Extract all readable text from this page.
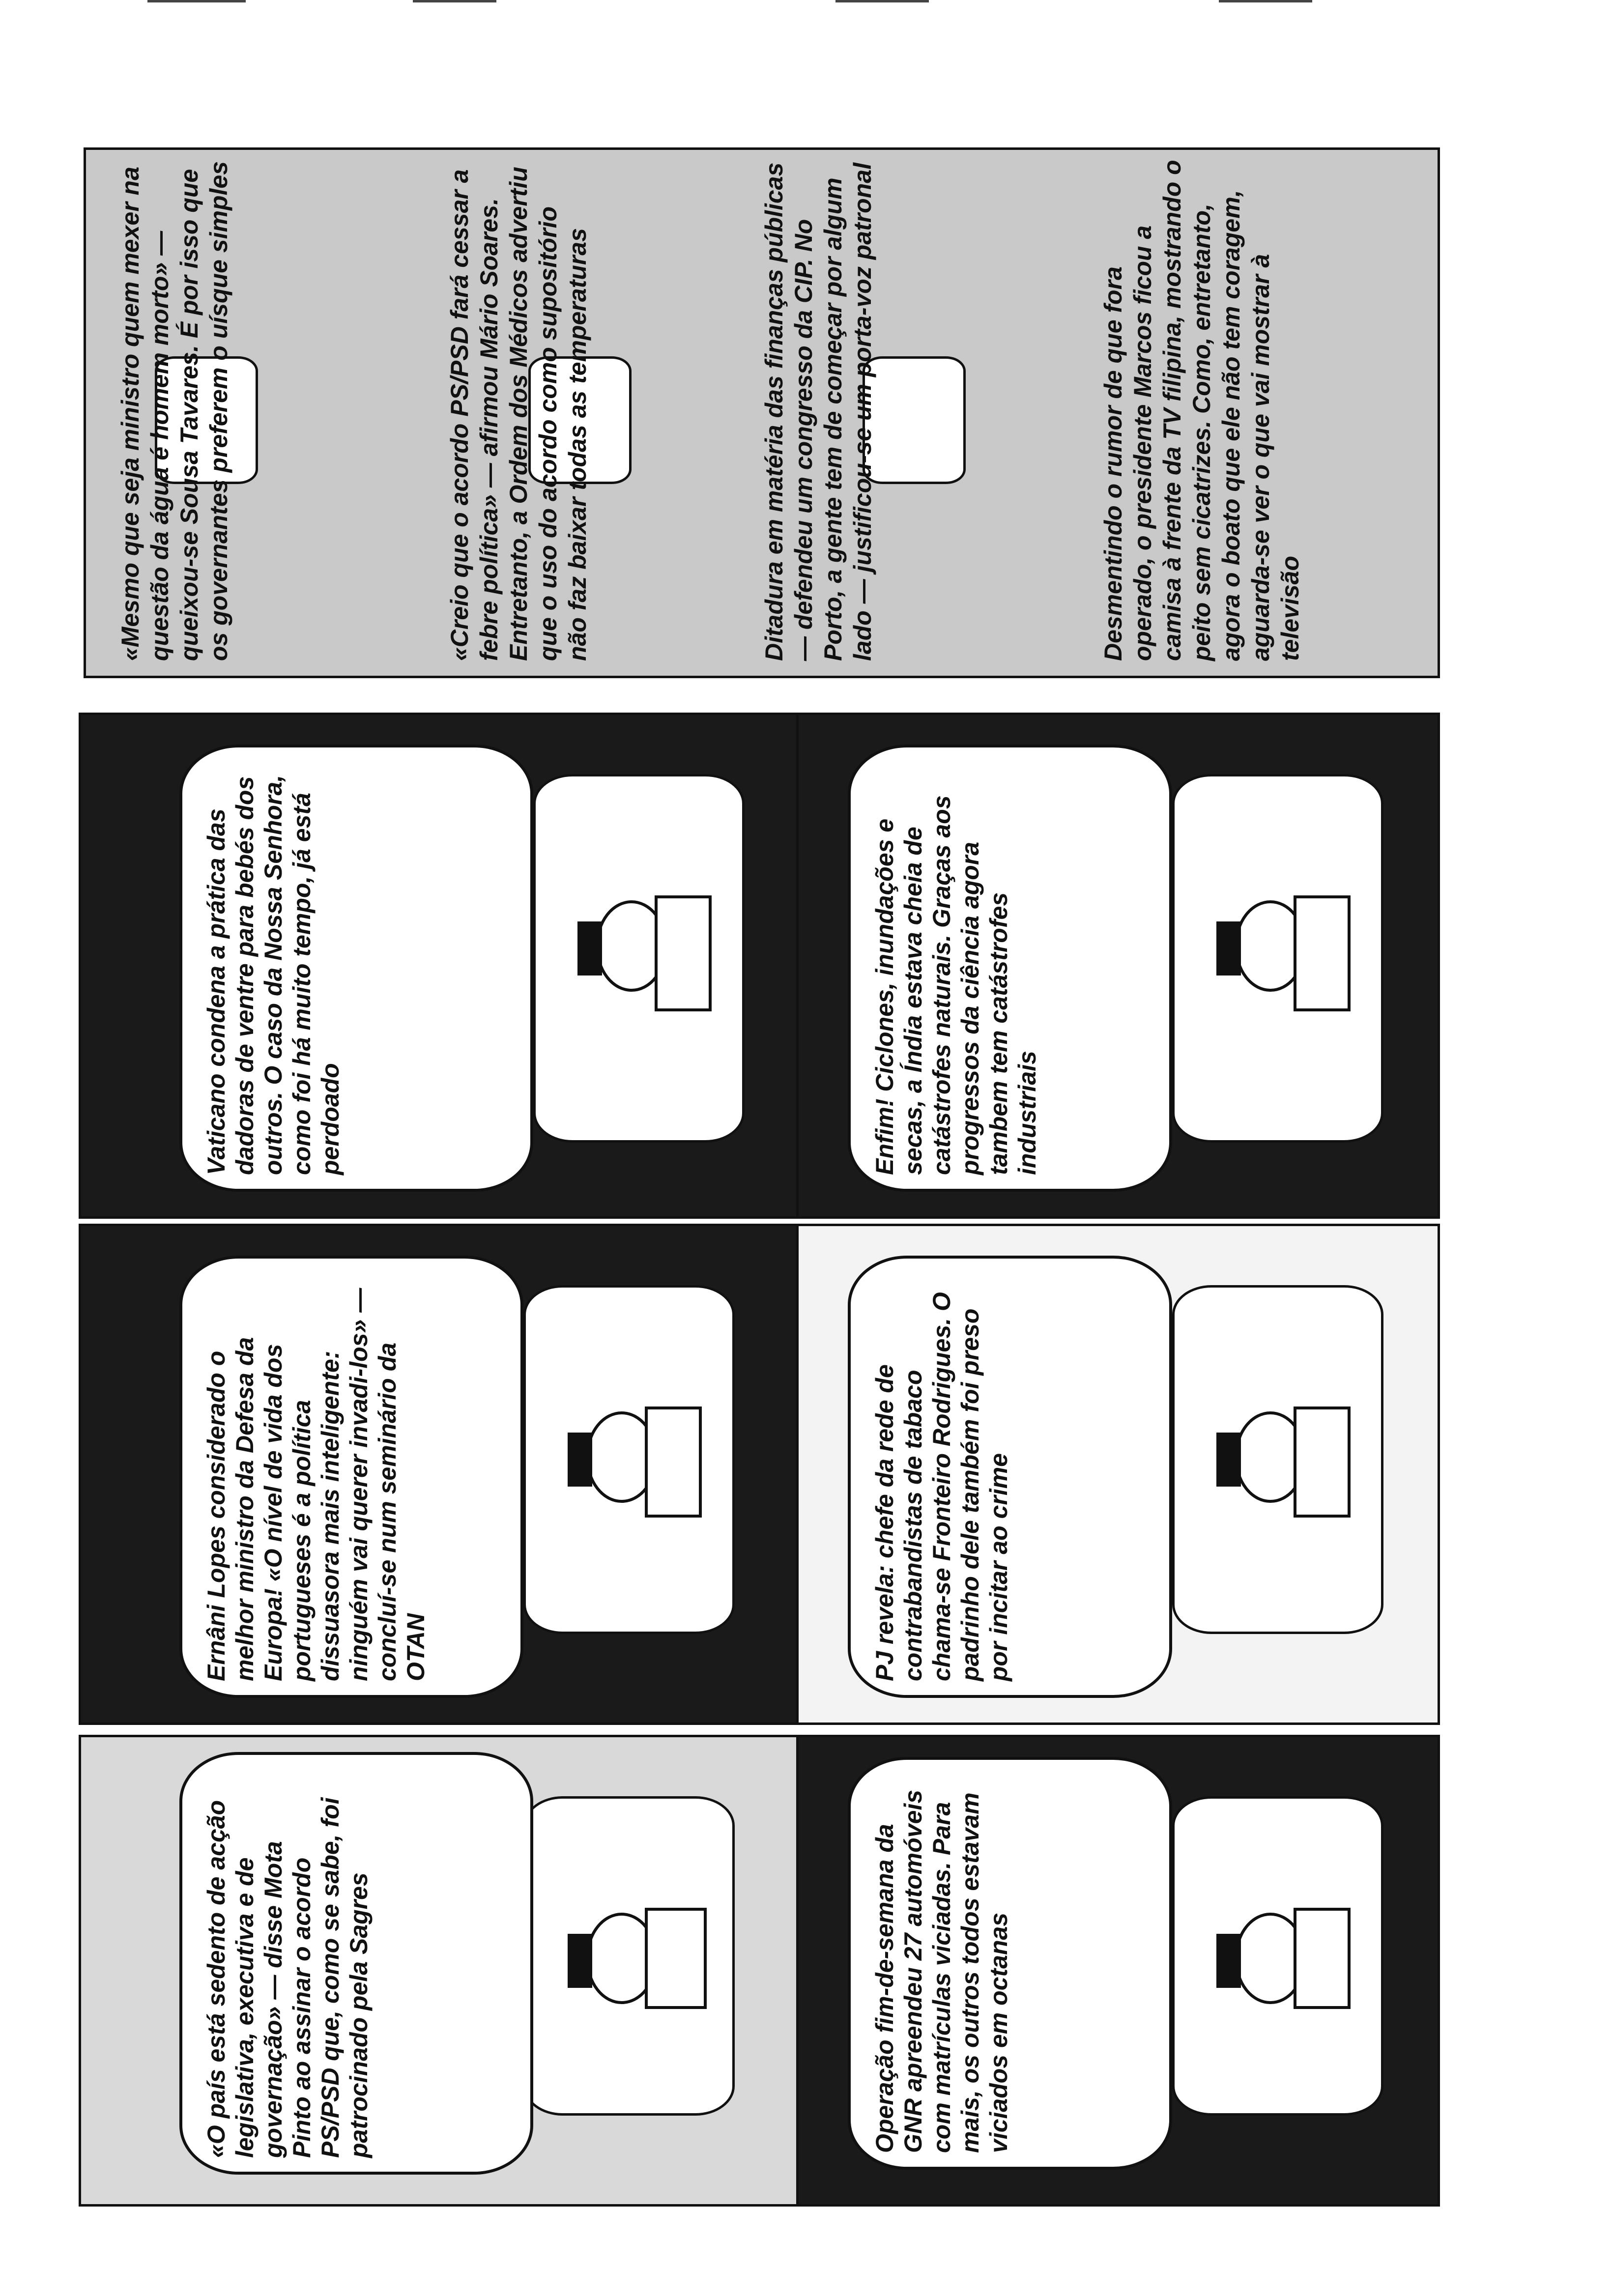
«O país está sedento de acção legislativa, executiva e de governação» — disse Mota Pinto ao assinar o acordo PS/PSD que, como se sabe, foi patrocinado pela Sagres
Ernâni Lopes considerado o melhor ministro da Defesa da Europa! «O nível de vida dos portugueses é a política dissuasora mais inteligente: ninguém vai querer invadi-los» — concluí-se num seminário da OTAN
Vaticano condena a prática das dadoras de ventre para bebés dos outros. O caso da Nossa Senhora, como foi há muito tempo, já está perdoado
Operação fim-de-semana da GNR apreendeu 27 automóveis com matrículas viciadas. Para mais, os outros todos estavam viciados em octanas
PJ revela: chefe da rede de contrabandistas de tabaco chama-se Fronteiro Rodrigues. O padrinho dele também foi preso por incitar ao crime
Enfim! Ciclones, inundações e secas, a Índia estava cheia de catástrofes naturais. Graças aos progressos da ciência agora tambem tem catástrofes industriais
«Mesmo que seja ministro quem mexer na questão da água é homem morto» — queixou-se Sousa Tavares. É por isso que os governantes preferem o uísque simples	«Creio que o acordo PS/PSD fará cessar a febre política» — afirmou Mário Soares. Entretanto, a Ordem dos Médicos advertiu que o uso do acordo como supositório não faz baixar todas as temperaturas	Ditadura em matéria das finanças públicas — defendeu um congresso da CIP. No Porto, a gente tem de começar por algum lado — justificou-se um porta-voz patronal	Desmentindo o rumor de que fora operado, o presidente Marcos ficou a camisa à frente da TV filipina, mostrando o peito sem cicatrizes. Como, entretanto, agora o boato que ele não tem coragem, aguarda-se ver o que vai mostrar à televisão
